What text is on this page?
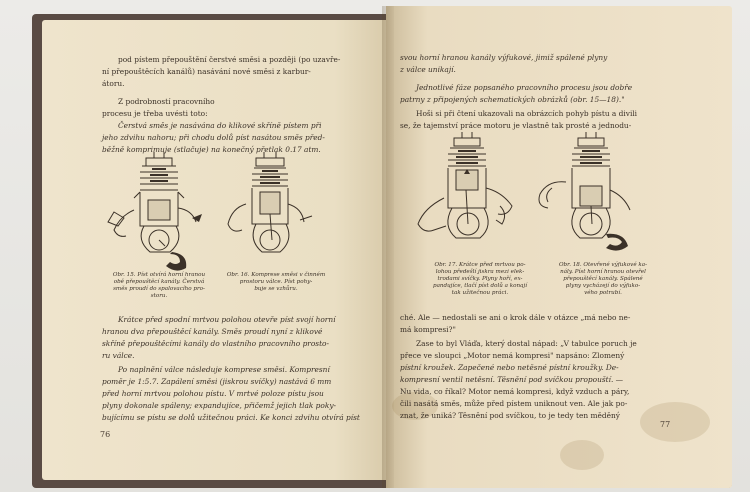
pod pístem přepouštění čerstvé směsi a později (po uzavře-
ní přepouštěcích kanálů) nasávání nové směsi z karbur-
átoru.
Z podrobností pracovního
procesu je třeba uvésti toto:
Čerstvá směs je nasávána do klikové skříně pístem při
jeho zdvihu nahoru; při chodu dolů píst nasátou směs před-
běžně komprimuje (stlačuje) na konečný přetlak 0.17 atm.
Obr. 15. Píst otvírá horní hranou
obě přepouštěcí kanály. Čerstvá
směs proudí do spalovacího pro-
storu.
Obr. 16. Komprese směsi v činném
prostoru válce. Píst pohy-
buje se vzhůru.
Krátce před spodní mrtvou polohou otevře píst svojí horní
hranou dva přepouštěcí kanály. Směs proudí nyní z klikové
skříně přepouštěcími kanály do vlastního pracovního prosto-
ru válce.
Po naplnění válce následuje komprese směsi. Kompresní
poměr je 1:5.7. Zapálení směsi (jiskrou svíčky) nastává 6 mm
před horní mrtvou polohou pístu. V mrtvé poloze pístu jsou
plyny dokonale spáleny; expandujíce, přičemž jejich tlak poky-
bujícímu se pístu se dolů užitečnou práci. Ke konci zdvihu otvírá píst
76
svou horní hranou kanály výfukové, jimiž spálené plyny
z válce unikají.
Jednotlivé fáze popsaného pracovního procesu jsou dobře
patrny z připojených schematických obrázků (obr. 15—18)."
Hoši si při čtení ukazovali na obrázcích pohyb pístu a divili
se, že tajemství práce motoru je vlastně tak prosté a jednodu-
Obr. 17. Krátce před mrtvou po-
lohou předešlí jiskra mezi elek-
trodami svíčky. Plyny hoří, ex-
pandujíce, tlačí píst dolů a konají
tak užitečnou práci.
Obr. 18. Otevřené výfukové ka-
nály. Píst horní hranou otevřel
přepouštěcí kanály. Spálené
plyny vycházejí do výfuko-
vého potrubí.
ché. Ale — nedostali se ani o krok dále v otázce „má nebo ne-
má kompresi?"
Zase to byl Vláďa, který dostal nápad: „V tabulce poruch je
přece ve sloupci „Motor nemá kompresi" napsáno: Zlomený
pístní kroužek. Zapečené nebo netěsné pístní kroužky. De-
kompresní ventil netěsní. Těsnění pod svíčkou propouští. —
Nu vida, co říkal? Motor nemá kompresi, když vzduch a páry,
čili nasátá směs, může před pístem uniknout ven. Ale jak po-
znat, že uniká? Těsnění pod svíčkou, to je tedy ten měděný
77
